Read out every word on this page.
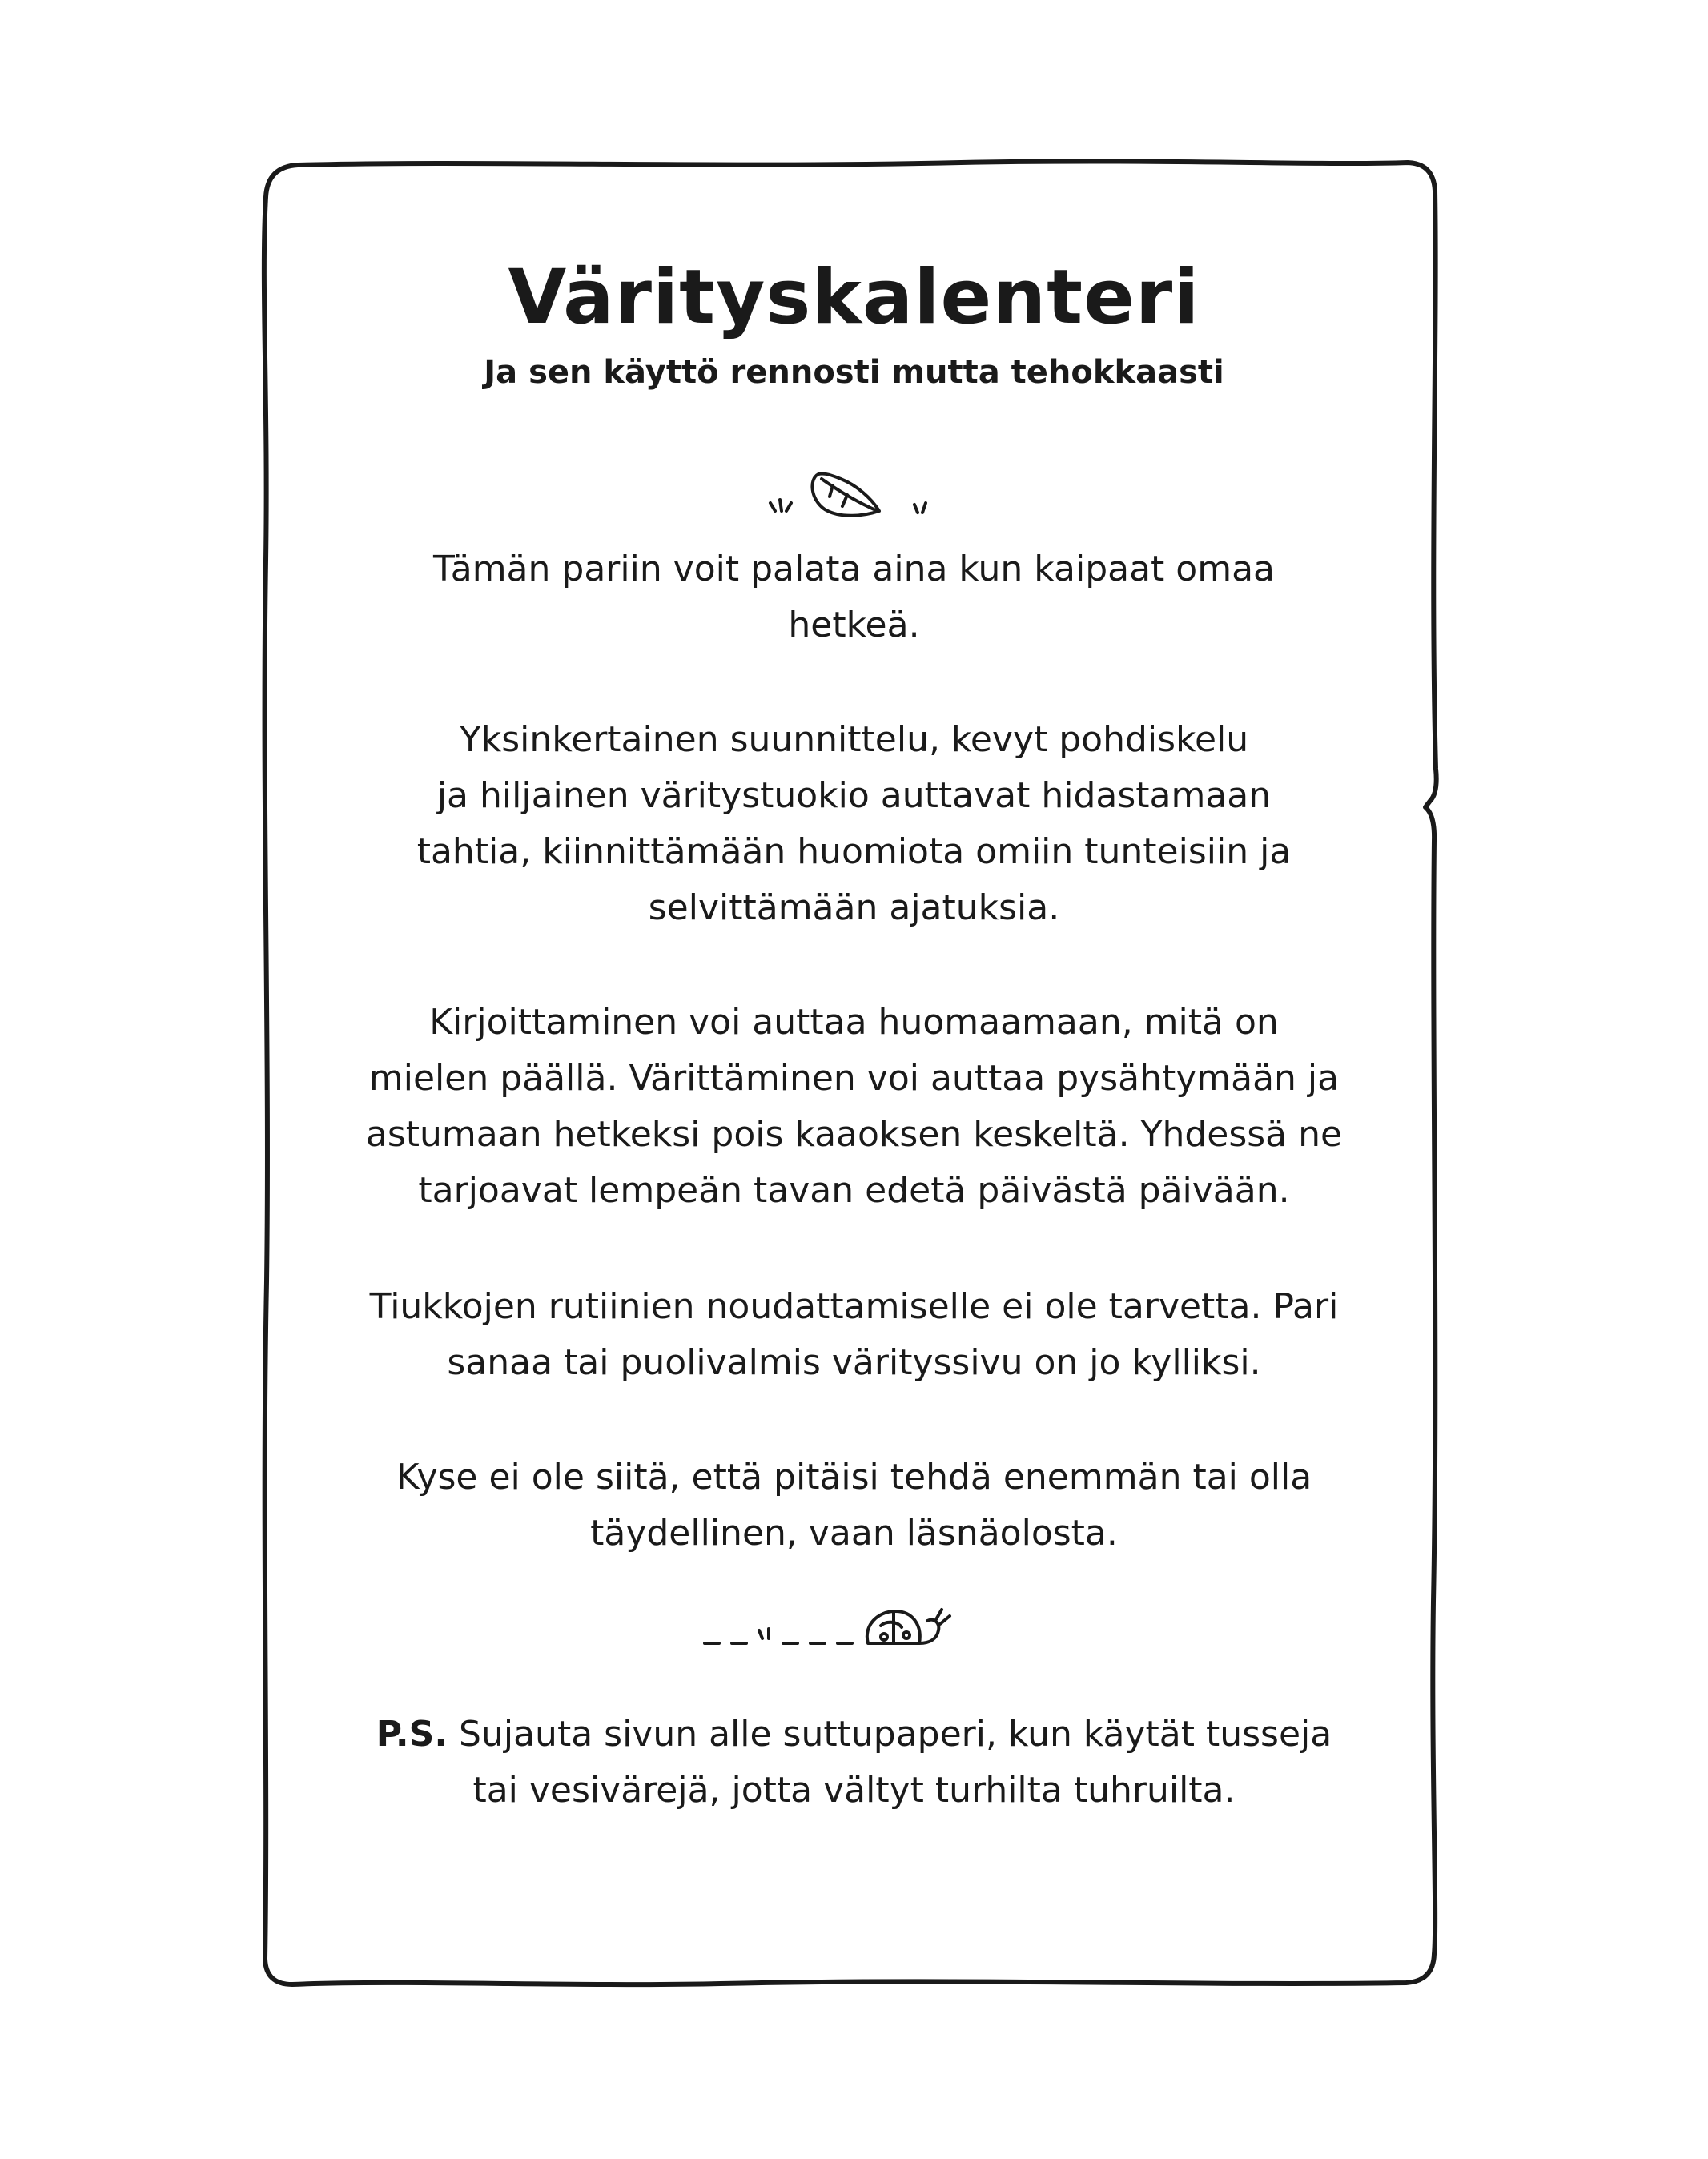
Värityskalenteri
Ja sen käyttö rennosti mutta tehokkaasti

Tämän pariin voit palata aina kun kaipaat omaa
hetkeä.

Yksinkertainen suunnittelu, kevyt pohdiskelu
ja hiljainen väritystuokio auttavat hidastamaan
tahtia, kiinnittämään huomiota omiin tunteisiin ja
selvittämään ajatuksia.

Kirjoittaminen voi auttaa huomaamaan, mitä on
mielen päällä. Värittäminen voi auttaa pysähtymään ja
astumaan hetkeksi pois kaaoksen keskeltä. Yhdessä ne
tarjoavat lempeän tavan edetä päivästä päivään.

Tiukkojen rutiinien noudattamiselle ei ole tarvetta. Pari
sanaa tai puolivalmis värityssivu on jo kylliksi.

Kyse ei ole siitä, että pitäisi tehdä enemmän tai olla
täydellinen, vaan läsnäolosta.

P.S. Sujauta sivun alle suttupaperi, kun käytät tusseja
tai vesivärejä, jotta vältyt turhilta tuhruilta.
